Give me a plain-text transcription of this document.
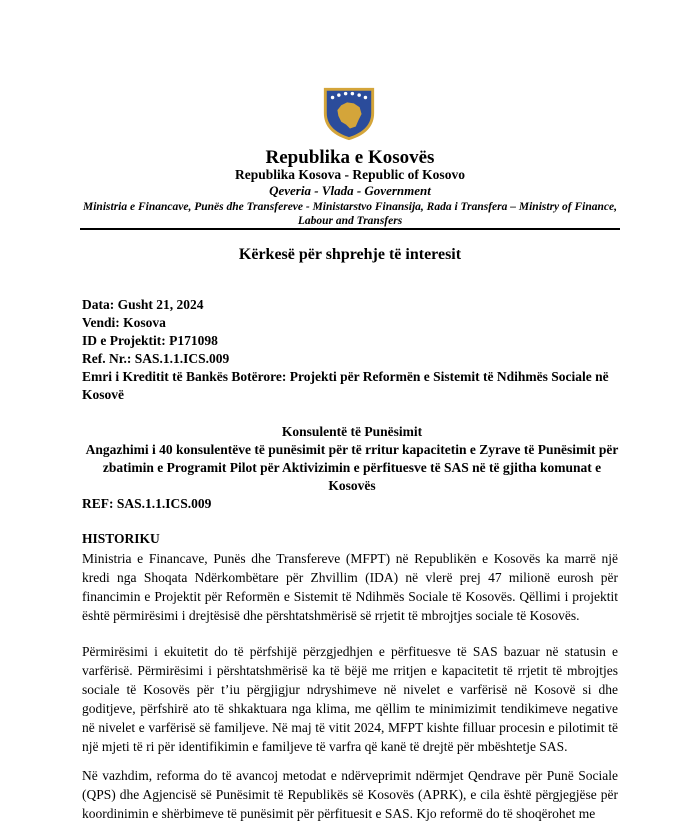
Republika e Kosovës
Republika Kosova - Republic of Kosovo
Qeveria - Vlada - Government
Ministria e Financave, Punës dhe Transfereve - Ministarstvo Finansija, Rada i Transfera – Ministry of Finance, Labour and Transfers
Kërkesë për shprehje të interesit
Data: Gusht 21, 2024
Vendi: Kosova
ID e Projektit: P171098
Ref. Nr.: SAS.1.1.ICS.009
Emri i Kreditit të Bankës Botërore: Projekti për Reformën e Sistemit të Ndihmës Sociale në Kosovë
Konsulentë të Punësimit
Angazhimi i 40 konsulentëve të punësimit për të rritur kapacitetin e Zyrave të Punësimit për zbatimin e Programit Pilot për Aktivizimin e përfituesve të SAS në të gjitha komunat e Kosovës
REF: SAS.1.1.ICS.009
HISTORIKU
Ministria e Financave, Punës dhe Transfereve (MFPT) në Republikën e Kosovës ka marrë një kredi nga Shoqata Ndërkombëtare për Zhvillim (IDA) në vlerë prej 47 milionë eurosh për financimin e Projektit për Reformën e Sistemit të Ndihmës Sociale të Kosovës. Qëllimi i projektit është përmirësimi i drejtësisë dhe përshtatshmërisë së rrjetit të mbrojtjes sociale të Kosovës.
Përmirësimi i ekuitetit do të përfshijë përzgjedhjen e përfituesve të SAS bazuar në statusin e varfërisë. Përmirësimi i përshtatshmërisë ka të bëjë me rritjen e kapacitetit të rrjetit të mbrojtjes sociale të Kosovës për t’iu përgjigjur ndryshimeve në nivelet e varfërisë në Kosovë si dhe goditjeve, përfshirë ato të shkaktuara nga klima, me qëllim te minimizimit tendikimeve negative në nivelet e varfërisë së familjeve. Në maj të vitit 2024, MFPT kishte filluar procesin e pilotimit të një mjeti të ri për identifikimin e familjeve të varfra që kanë të drejtë për mbështetje SAS.
Në vazhdim, reforma do të avancoj metodat e ndërveprimit ndërmjet Qendrave për Punë Sociale (QPS) dhe Agjencisë së Punësimit të Republikës së Kosovës (APRK), e cila është përgjegjëse për koordinimin e shërbimeve të punësimit për përfituesit e SAS. Kjo reformë do të shoqërohet me
